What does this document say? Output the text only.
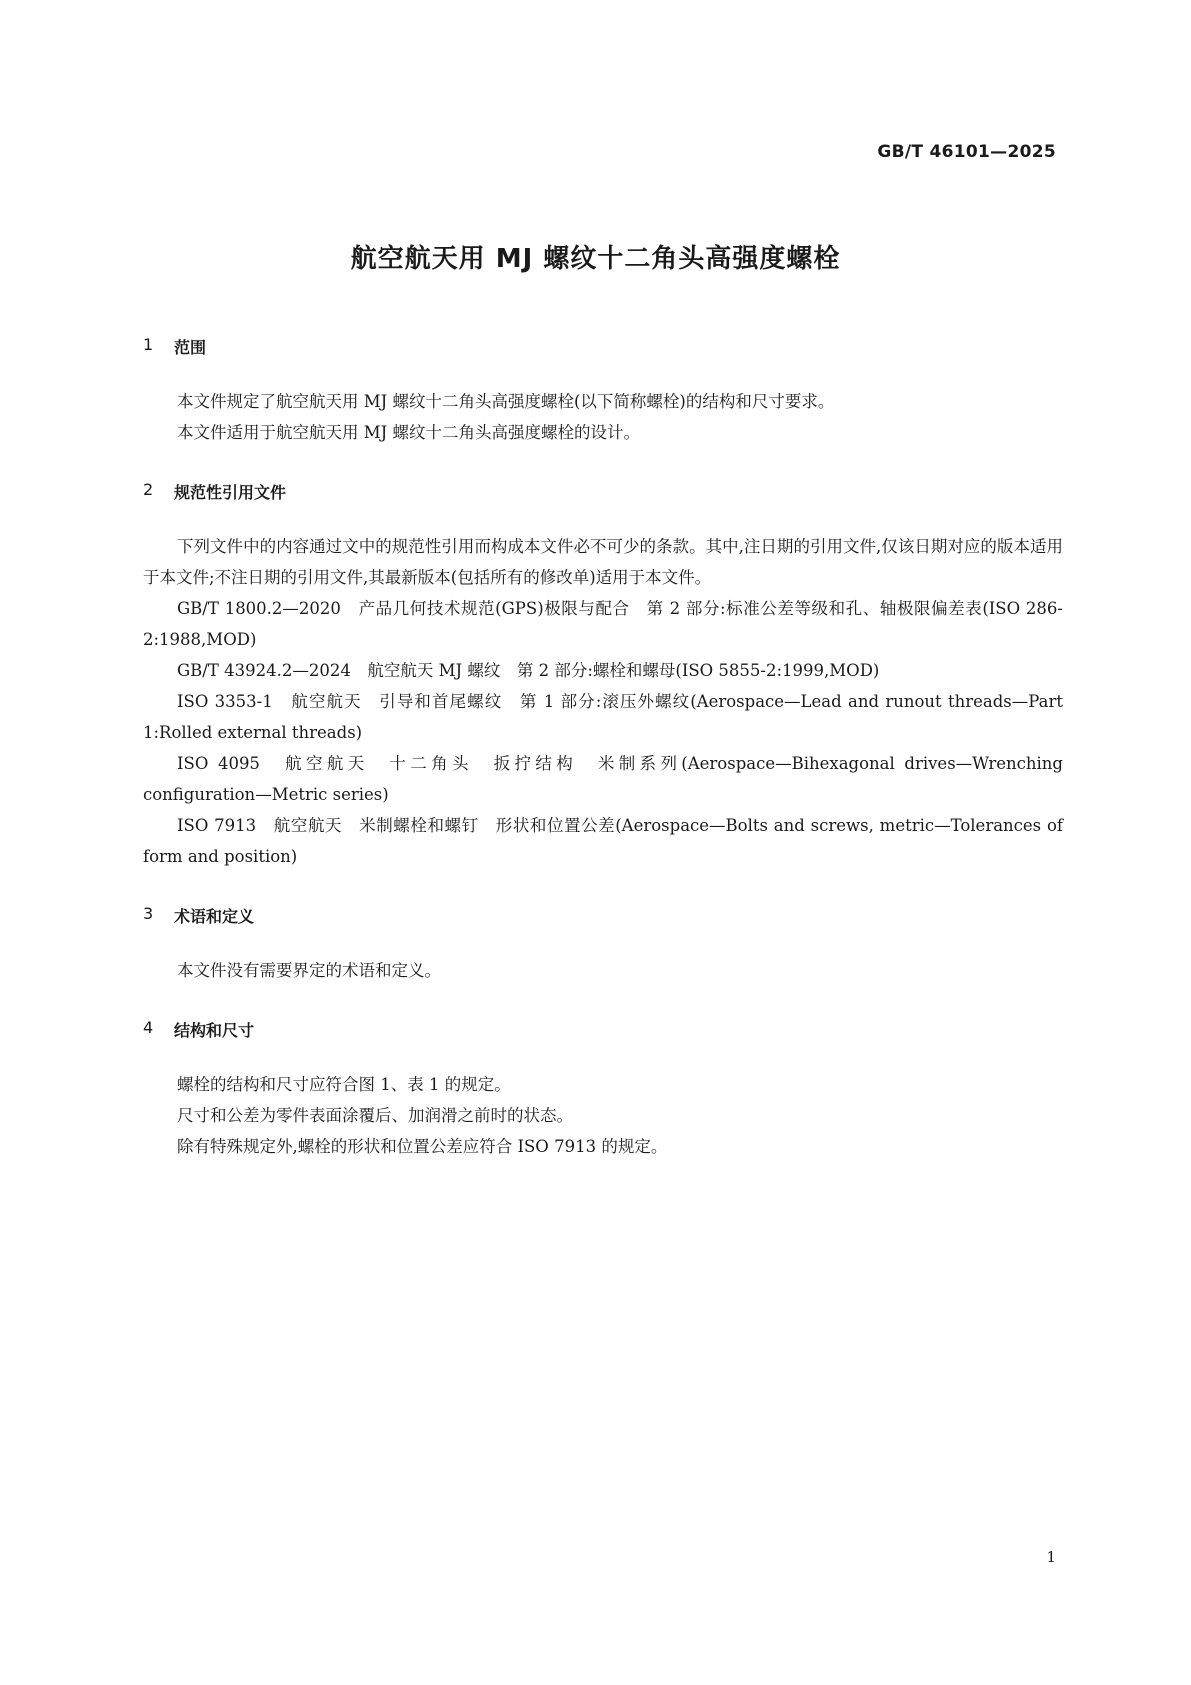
GB/T 46101—2025
航空航天用 MJ 螺纹十二角头高强度螺栓
1	范围

本文件规定了航空航天用 MJ 螺纹十二角头高强度螺栓(以下简称螺栓)的结构和尺寸要求。

本文件适用于航空航天用 MJ 螺纹十二角头高强度螺栓的设计。

2	规范性引用文件

下列文件中的内容通过文中的规范性引用而构成本文件必不可少的条款。其中,注日期的引用文件,仅该日期对应的版本适用于本文件;不注日期的引用文件,其最新版本(包括所有的修改单)适用于本文件。

GB/T 1800.2—2020　产品几何技术规范(GPS)极限与配合　第 2 部分:标准公差等级和孔、轴极限偏差表(ISO 286-2:1988,MOD)

GB/T 43924.2—2024　航空航天 MJ 螺纹　第 2 部分:螺栓和螺母(ISO 5855-2:1999,MOD)

ISO 3353-1　航空航天　引导和首尾螺纹　第 1 部分:滚压外螺纹(Aerospace—Lead and runout threads—Part 1:Rolled external threads)

ISO 4095　航空航天　十二角头　扳拧结构　米制系列(Aerospace—Bihexagonal drives—Wrenching configuration—Metric series)

ISO 7913　航空航天　米制螺栓和螺钉　形状和位置公差(Aerospace—Bolts and screws, metric—Tolerances of form and position)

3	术语和定义

本文件没有需要界定的术语和定义。

4	结构和尺寸

螺栓的结构和尺寸应符合图 1、表 1 的规定。

尺寸和公差为零件表面涂覆后、加润滑之前时的状态。

除有特殊规定外,螺栓的形状和位置公差应符合 ISO 7913 的规定。

1
